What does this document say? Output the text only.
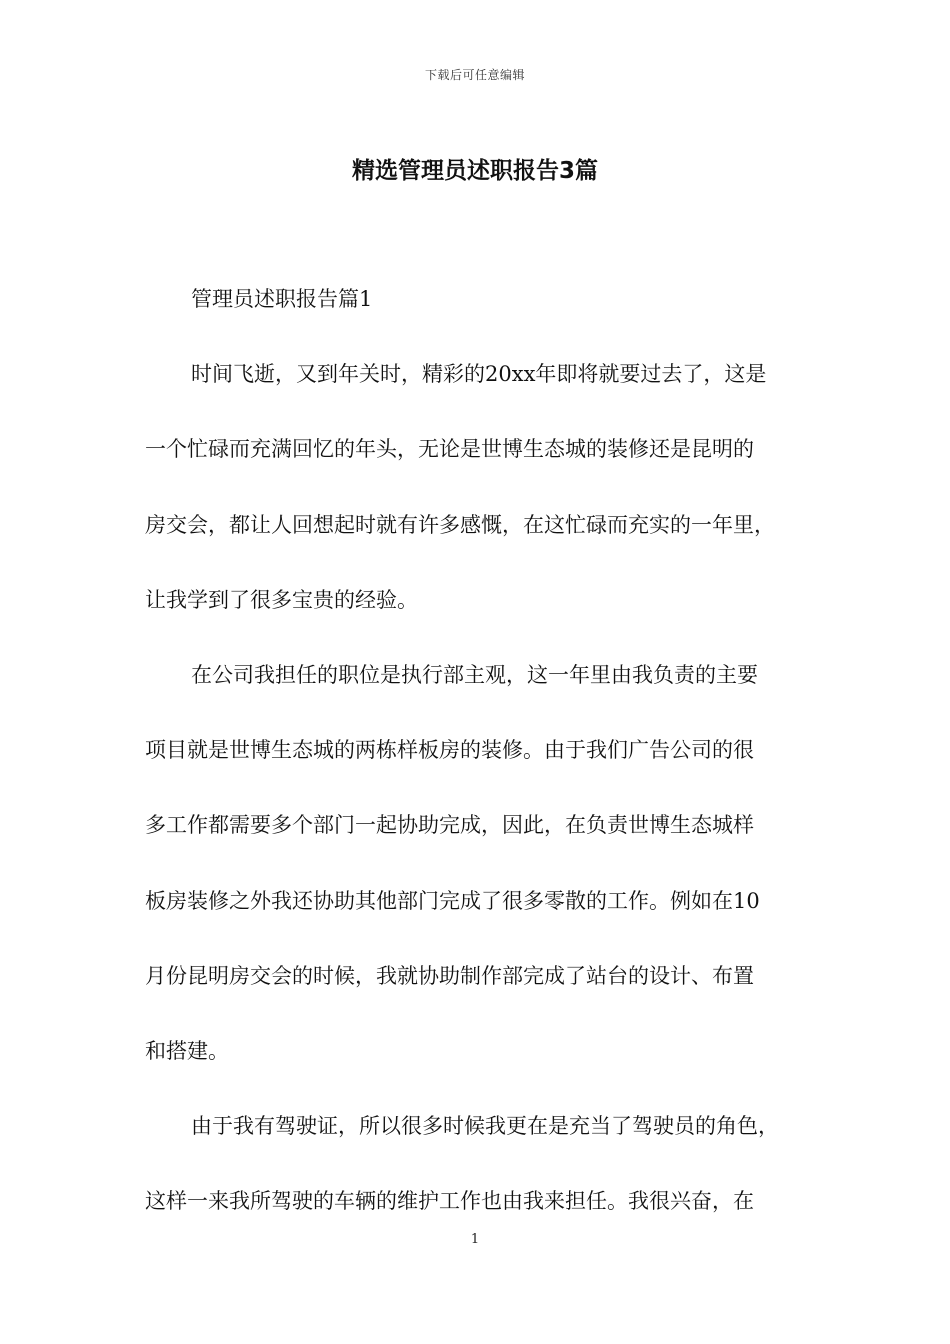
下载后可任意编辑
精选管理员述职报告3篇
管理员述职报告篇1
时间飞逝，又到年关时，精彩的20xx年即将就要过去了，这是
一个忙碌而充满回忆的年头，无论是世博生态城的装修还是昆明的
房交会，都让人回想起时就有许多感慨，在这忙碌而充实的一年里，
让我学到了很多宝贵的经验。
在公司我担任的职位是执行部主观，这一年里由我负责的主要
项目就是世博生态城的两栋样板房的装修。由于我们广告公司的很
多工作都需要多个部门一起协助完成，因此，在负责世博生态城样
板房装修之外我还协助其他部门完成了很多零散的工作。例如在10
月份昆明房交会的时候，我就协助制作部完成了站台的设计、布置
和搭建。
由于我有驾驶证，所以很多时候我更在是充当了驾驶员的角色，
这样一来我所驾驶的车辆的维护工作也由我来担任。我很兴奋，在
1
